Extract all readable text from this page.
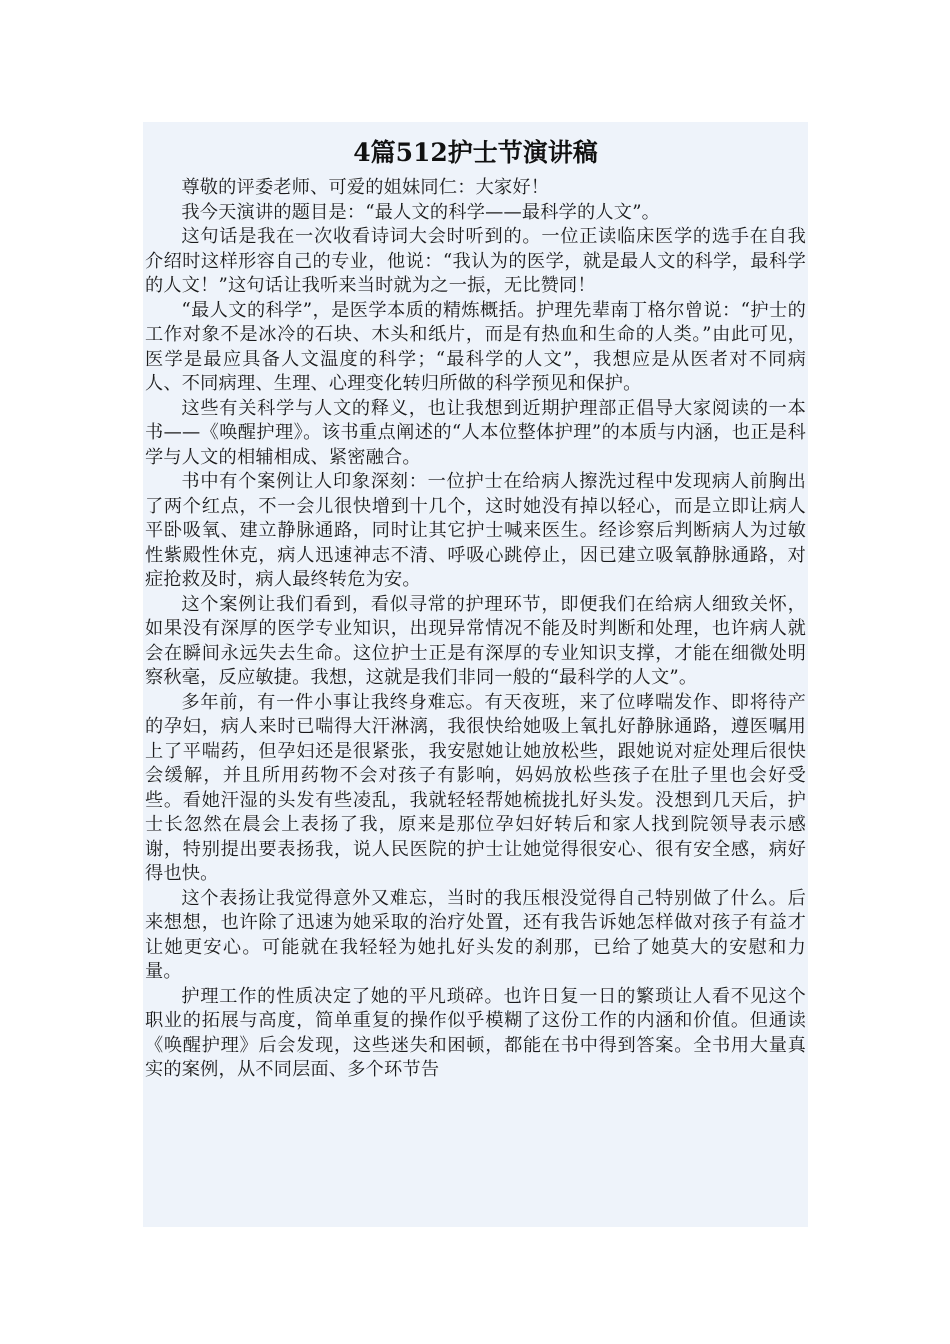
4篇512护士节演讲稿

尊敬的评委老师、可爱的姐妹同仁：大家好！

我今天演讲的题目是：“最人文的科学——最科学的人文”。

这句话是我在一次收看诗词大会时听到的。一位正读临床医学的选手在自我介绍时这样形容自己的专业，他说：“我认为的医学，就是最人文的科学，最科学的人文！”这句话让我听来当时就为之一振，无比赞同！

“最人文的科学”，是医学本质的精炼概括。护理先辈南丁格尔曾说：“护士的工作对象不是冰冷的石块、木头和纸片，而是有热血和生命的人类。”由此可见，医学是最应具备人文温度的科学；“最科学的人文”，我想应是从医者对不同病人、不同病理、生理、心理变化转归所做的科学预见和保护。

这些有关科学与人文的释义，也让我想到近期护理部正倡导大家阅读的一本书——《唤醒护理》。该书重点阐述的“人本位整体护理”的本质与内涵，也正是科学与人文的相辅相成、紧密融合。

书中有个案例让人印象深刻：一位护士在给病人擦洗过程中发现病人前胸出了两个红点，不一会儿很快增到十几个，这时她没有掉以轻心，而是立即让病人平卧吸氧、建立静脉通路，同时让其它护士喊来医生。经诊察后判断病人为过敏性紫殿性休克，病人迅速神志不清、呼吸心跳停止，因已建立吸氧静脉通路，对症抢救及时，病人最终转危为安。

这个案例让我们看到，看似寻常的护理环节，即便我们在给病人细致关怀，如果没有深厚的医学专业知识，出现异常情况不能及时判断和处理，也许病人就会在瞬间永远失去生命。这位护士正是有深厚的专业知识支撑，才能在细微处明察秋毫，反应敏捷。我想，这就是我们非同一般的“最科学的人文”。

多年前，有一件小事让我终身难忘。有天夜班，来了位哮喘发作、即将待产的孕妇，病人来时已喘得大汗淋漓，我很快给她吸上氧扎好静脉通路，遵医嘱用上了平喘药，但孕妇还是很紧张，我安慰她让她放松些，跟她说对症处理后很快会缓解，并且所用药物不会对孩子有影响，妈妈放松些孩子在肚子里也会好受些。看她汗湿的头发有些凌乱，我就轻轻帮她梳拢扎好头发。没想到几天后，护士长忽然在晨会上表扬了我，原来是那位孕妇好转后和家人找到院领导表示感谢，特别提出要表扬我，说人民医院的护士让她觉得很安心、很有安全感，病好得也快。

这个表扬让我觉得意外又难忘，当时的我压根没觉得自己特别做了什么。后来想想，也许除了迅速为她采取的治疗处置，还有我告诉她怎样做对孩子有益才让她更安心。可能就在我轻轻为她扎好头发的刹那，已给了她莫大的安慰和力量。

护理工作的性质决定了她的平凡琐碎。也许日复一日的繁琐让人看不见这个职业的拓展与高度，简单重复的操作似乎模糊了这份工作的内涵和价值。但通读《唤醒护理》后会发现，这些迷失和困顿，都能在书中得到答案。全书用大量真实的案例，从不同层面、多个环节告
